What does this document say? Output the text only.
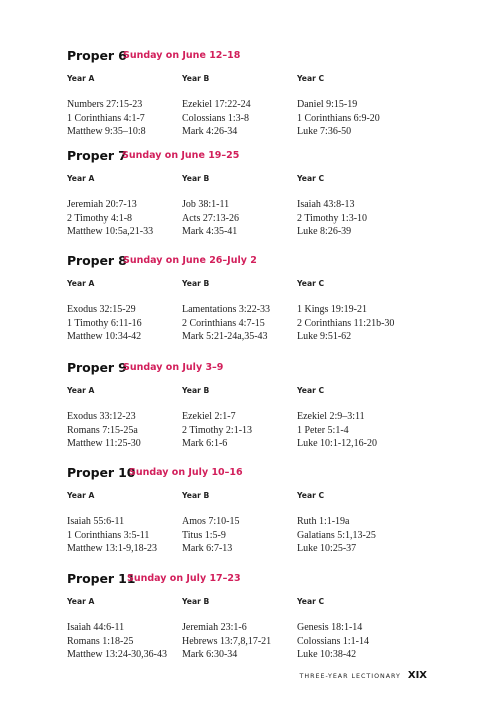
Proper 6
Sunday on June 12–18
Year A
Numbers 27:15-23
1 Corinthians 4:1-7
Matthew 9:35–10:8
Year B
Ezekiel 17:22-24
Colossians 1:3-8
Mark 4:26-34
Year C
Daniel 9:15-19
1 Corinthians 6:9-20
Luke 7:36-50
Proper 7
Sunday on June 19–25
Year A
Jeremiah 20:7-13
2 Timothy 4:1-8
Matthew 10:5a,21-33
Year B
Job 38:1-11
Acts 27:13-26
Mark 4:35-41
Year C
Isaiah 43:8-13
2 Timothy 1:3-10
Luke 8:26-39
Proper 8
Sunday on June 26–July 2
Year A
Exodus 32:15-29
1 Timothy 6:11-16
Matthew 10:34-42
Year B
Lamentations 3:22-33
2 Corinthians 4:7-15
Mark 5:21-24a,35-43
Year C
1 Kings 19:19-21
2 Corinthians 11:21b-30
Luke 9:51-62
Proper 9
Sunday on July 3–9
Year A
Exodus 33:12-23
Romans 7:15-25a
Matthew 11:25-30
Year B
Ezekiel 2:1-7
2 Timothy 2:1-13
Mark 6:1-6
Year C
Ezekiel 2:9–3:11
1 Peter 5:1-4
Luke 10:1-12,16-20
Proper 10
Sunday on July 10–16
Year A
Isaiah 55:6-11
1 Corinthians 3:5-11
Matthew 13:1-9,18-23
Year B
Amos 7:10-15
Titus 1:5-9
Mark 6:7-13
Year C
Ruth 1:1-19a
Galatians 5:1,13-25
Luke 10:25-37
Proper 11
Sunday on July 17–23
Year A
Isaiah 44:6-11
Romans 1:18-25
Matthew 13:24-30,36-43
Year B
Jeremiah 23:1-6
Hebrews 13:7,8,17-21
Mark 6:30-34
Year C
Genesis 18:1-14
Colossians 1:1-14
Luke 10:38-42
THREE-YEAR LECTIONARY XIX
